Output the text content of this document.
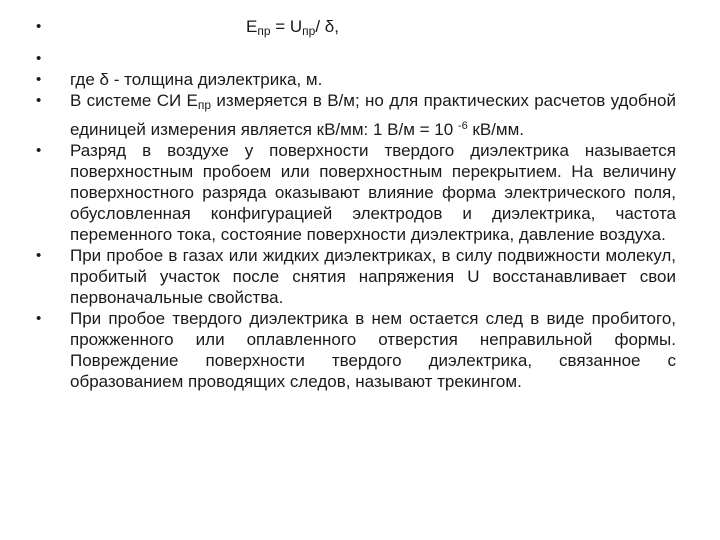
•	$E_{пр} = U_{пр}/$ δ,
•
•	где δ - толщина диэлектрика, м.
•	В системе СИ $Е_{пр}$ измеряется в В/м; но для практических расчетов удобной единицей измерения является кВ/мм: 1 В/м = 10 $^{-6}$ кВ/мм.
•	Разряд в воздухе у поверхности твердого диэлектрика называется поверхностным пробоем или поверхностным перекрытием. На величину поверхностного разряда оказывают влияние форма электрического поля, обусловленная конфигурацией электродов и диэлектрика, частота переменного тока, состояние поверхности диэлектрика, давление воздуха.
•	При пробое в газах или жидких диэлектриках, в силу подвижности молекул, пробитый участок после снятия напряжения U восстанавливает свои первоначальные свойства.
•	При пробое твердого диэлектрика в нем остается след в виде пробитого, прожженного или оплавленного отверстия неправильной формы. Повреждение поверхности твердого диэлектрика, связанное с образованием проводящих следов, называют трекингом.
